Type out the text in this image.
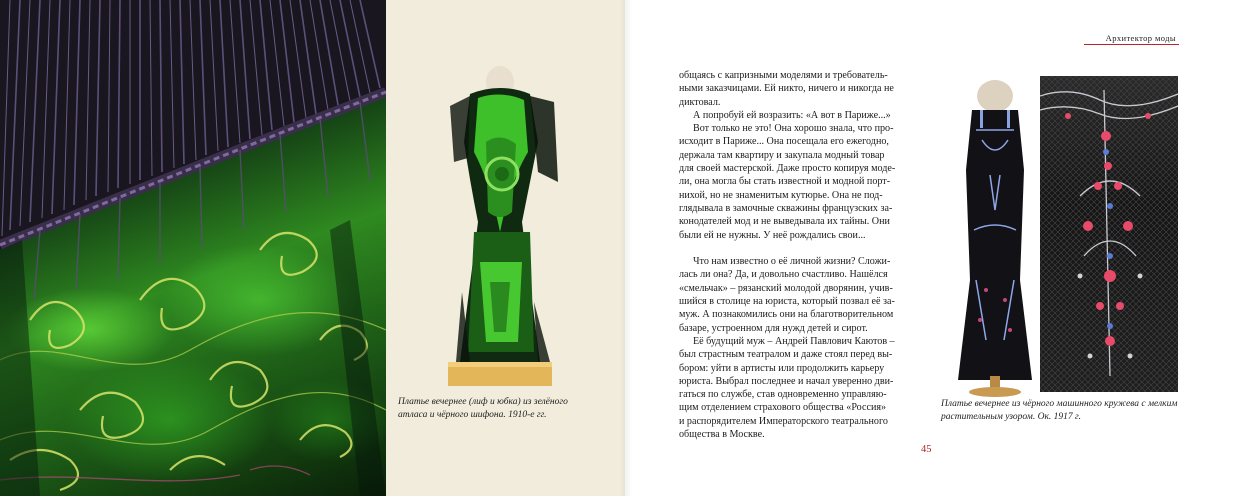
Платье вечернее (лиф и юбка) из зелёного атласа и чёрного шифона. 1910-е гг.

Архитектор моды
общаясь с капризными моделями и требователь-
ными заказчицами. Ей никто, ничего и никогда не
диктовал.
А попробуй ей возразить: «А вот в Париже...»
Вот только не это! Она хорошо знала, что про-
исходит в Париже... Она посещала его ежегодно,
держала там квартиру и закупала модный товар
для своей мастерской. Даже просто копируя моде-
ли, она могла бы стать известной и модной порт-
нихой, но не знаменитым кутюрье. Она не под-
глядывала в замочные скважины французских за-
конодателей мод и не выведывала их тайны. Они
были ей не нужны. У неё рождались свои...
Что нам известно о её личной жизни? Сложи-
лась ли она? Да, и довольно счастливо. Нашёлся
«смельчак» – рязанский молодой дворянин, учив-
шийся в столице на юриста, который позвал её за-
муж. А познакомились они на благотворительном
базаре, устроенном для нужд детей и сирот.
Её будущий муж – Андрей Павлович Каютов –
был страстным театралом и даже стоял перед вы-
бором: уйти в артисты или продолжить карьеру
юриста. Выбрал последнее и начал уверенно дви-
гаться по службе, став одновременно управляю-
щим отделением страхового общества «Россия»
и распорядителем Императорского театрального
общества в Москве.

Платье вечернее из чёрного машинного кружева с мелким растительным узором. Ок. 1917 г.

45
